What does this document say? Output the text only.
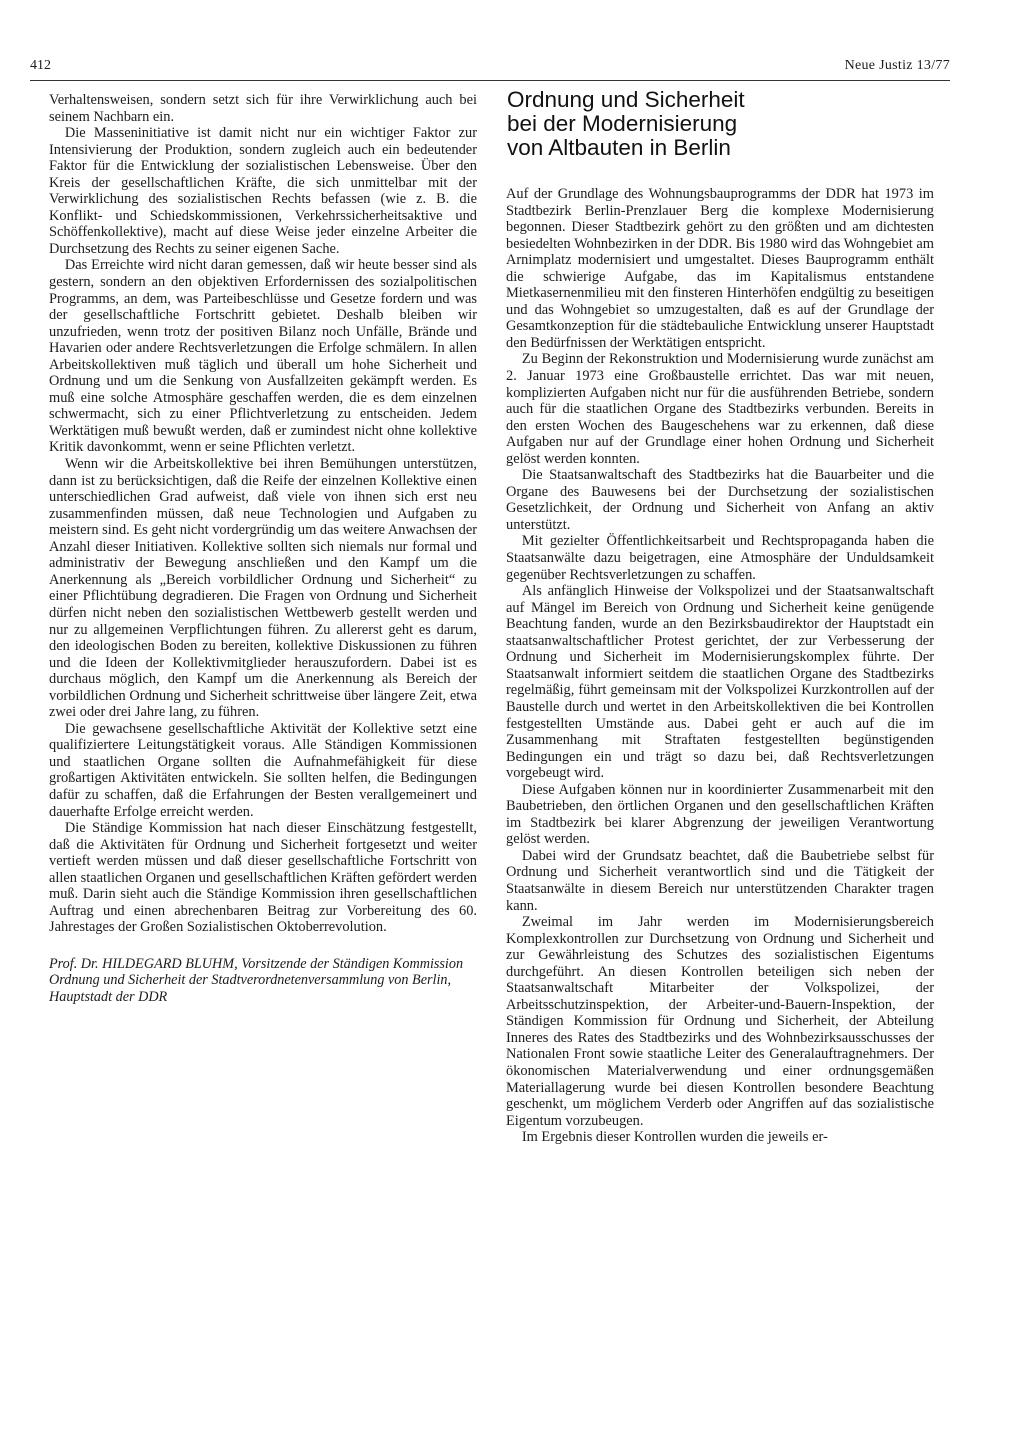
412	Neue Justiz 13/77

Verhaltensweisen, sondern setzt sich für ihre Verwirklichung auch bei seinem Nachbarn ein.

Die Masseninitiative ist damit nicht nur ein wichtiger Faktor zur Intensivierung der Produktion, sondern zugleich auch ein bedeutender Faktor für die Entwicklung der sozialistischen Lebensweise. Über den Kreis der gesellschaftlichen Kräfte, die sich unmittelbar mit der Verwirklichung des sozialistischen Rechts befassen (wie z. B. die Konflikt- und Schiedskommissionen, Verkehrssicherheitsaktive und Schöffenkollektive), macht auf diese Weise jeder einzelne Arbeiter die Durchsetzung des Rechts zu seiner eigenen Sache.

Das Erreichte wird nicht daran gemessen, daß wir heute besser sind als gestern, sondern an den objektiven Erfordernissen des sozialpolitischen Programms, an dem, was Parteibeschlüsse und Gesetze fordern und was der gesellschaftliche Fortschritt gebietet. Deshalb bleiben wir unzufrieden, wenn trotz der positiven Bilanz noch Unfälle, Brände und Havarien oder andere Rechtsverletzungen die Erfolge schmälern. In allen Arbeitskollektiven muß täglich und überall um hohe Sicherheit und Ordnung und um die Senkung von Ausfallzeiten gekämpft werden. Es muß eine solche Atmosphäre geschaffen werden, die es dem einzelnen schwermacht, sich zu einer Pflichtverletzung zu entscheiden. Jedem Werktätigen muß bewußt werden, daß er zumindest nicht ohne kollektive Kritik davonkommt, wenn er seine Pflichten verletzt.

Wenn wir die Arbeitskollektive bei ihren Bemühungen unterstützen, dann ist zu berücksichtigen, daß die Reife der einzelnen Kollektive einen unterschiedlichen Grad aufweist, daß viele von ihnen sich erst neu zusammenfinden müssen, daß neue Technologien und Aufgaben zu meistern sind. Es geht nicht vordergründig um das weitere Anwachsen der Anzahl dieser Initiativen. Kollektive sollten sich niemals nur formal und administrativ der Bewegung anschließen und den Kampf um die Anerkennung als „Bereich vorbildlicher Ordnung und Sicherheit“ zu einer Pflichtübung degradieren. Die Fragen von Ordnung und Sicherheit dürfen nicht neben den sozialistischen Wettbewerb gestellt werden und nur zu allgemeinen Verpflichtungen führen. Zu allererst geht es darum, den ideologischen Boden zu bereiten, kollektive Diskussionen zu führen und die Ideen der Kollektivmitglieder herauszufordern. Dabei ist es durchaus möglich, den Kampf um die Anerkennung als Bereich der vorbildlichen Ordnung und Sicherheit schrittweise über längere Zeit, etwa zwei oder drei Jahre lang, zu führen.

Die gewachsene gesellschaftliche Aktivität der Kollektive setzt eine qualifiziertere Leitungstätigkeit voraus. Alle Ständigen Kommissionen und staatlichen Organe sollten die Aufnahmefähigkeit für diese großartigen Aktivitäten entwickeln. Sie sollten helfen, die Bedingungen dafür zu schaffen, daß die Erfahrungen der Besten verallgemeinert und dauerhafte Erfolge erreicht werden.

Die Ständige Kommission hat nach dieser Einschätzung festgestellt, daß die Aktivitäten für Ordnung und Sicherheit fortgesetzt und weiter vertieft werden müssen und daß dieser gesellschaftliche Fortschritt von allen staatlichen Organen und gesellschaftlichen Kräften gefördert werden muß. Darin sieht auch die Ständige Kommission ihren gesellschaftlichen Auftrag und einen abrechenbaren Beitrag zur Vorbereitung des 60. Jahrestages der Großen Sozialistischen Oktoberrevolution.

Prof. Dr. HILDEGARD BLUHM, Vorsitzende der Ständigen Kommission Ordnung und Sicherheit der Stadtverordnetenversammlung von Berlin, Hauptstadt der DDR
Ordnung und Sicherheit
bei der Modernisierung
von Altbauten in Berlin

Auf der Grundlage des Wohnungsbauprogramms der DDR hat 1973 im Stadtbezirk Berlin-Prenzlauer Berg die komplexe Modernisierung begonnen. Dieser Stadtbezirk gehört zu den größten und am dichtesten besiedelten Wohnbezirken in der DDR. Bis 1980 wird das Wohngebiet am Arnimplatz modernisiert und umgestaltet. Dieses Bauprogramm enthält die schwierige Aufgabe, das im Kapitalismus entstandene Mietkasernenmilieu mit den finsteren Hinterhöfen endgültig zu beseitigen und das Wohngebiet so umzugestalten, daß es auf der Grundlage der Gesamtkonzeption für die städtebauliche Entwicklung unserer Hauptstadt den Bedürfnissen der Werktätigen entspricht.

Zu Beginn der Rekonstruktion und Modernisierung wurde zunächst am 2. Januar 1973 eine Großbaustelle errichtet. Das war mit neuen, komplizierten Aufgaben nicht nur für die ausführenden Betriebe, sondern auch für die staatlichen Organe des Stadtbezirks verbunden. Bereits in den ersten Wochen des Baugeschehens war zu erkennen, daß diese Aufgaben nur auf der Grundlage einer hohen Ordnung und Sicherheit gelöst werden konnten.

Die Staatsanwaltschaft des Stadtbezirks hat die Bauarbeiter und die Organe des Bauwesens bei der Durchsetzung der sozialistischen Gesetzlichkeit, der Ordnung und Sicherheit von Anfang an aktiv unterstützt.

Mit gezielter Öffentlichkeitsarbeit und Rechtspropaganda haben die Staatsanwälte dazu beigetragen, eine Atmosphäre der Unduldsamkeit gegenüber Rechtsverletzungen zu schaffen.

Als anfänglich Hinweise der Volkspolizei und der Staatsanwaltschaft auf Mängel im Bereich von Ordnung und Sicherheit keine genügende Beachtung fanden, wurde an den Bezirksbaudirektor der Hauptstadt ein staatsanwaltschaftlicher Protest gerichtet, der zur Verbesserung der Ordnung und Sicherheit im Modernisierungskomplex führte. Der Staatsanwalt informiert seitdem die staatlichen Organe des Stadtbezirks regelmäßig, führt gemeinsam mit der Volkspolizei Kurzkontrollen auf der Baustelle durch und wertet in den Arbeitskollektiven die bei Kontrollen festgestellten Umstände aus. Dabei geht er auch auf die im Zusammenhang mit Straftaten festgestellten begünstigenden Bedingungen ein und trägt so dazu bei, daß Rechtsverletzungen vorgebeugt wird.

Diese Aufgaben können nur in koordinierter Zusammenarbeit mit den Baubetrieben, den örtlichen Organen und den gesellschaftlichen Kräften im Stadtbezirk bei klarer Abgrenzung der jeweiligen Verantwortung gelöst werden.

Dabei wird der Grundsatz beachtet, daß die Baubetriebe selbst für Ordnung und Sicherheit verantwortlich sind und die Tätigkeit der Staatsanwälte in diesem Bereich nur unterstützenden Charakter tragen kann.

Zweimal im Jahr werden im Modernisierungsbereich Komplexkontrollen zur Durchsetzung von Ordnung und Sicherheit und zur Gewährleistung des Schutzes des sozialistischen Eigentums durchgeführt. An diesen Kontrollen beteiligen sich neben der Staatsanwaltschaft Mitarbeiter der Volkspolizei, der Arbeitsschutzinspektion, der Arbeiter-und-Bauern-Inspektion, der Ständigen Kommission für Ordnung und Sicherheit, der Abteilung Inneres des Rates des Stadtbezirks und des Wohnbezirksausschusses der Nationalen Front sowie staatliche Leiter des Generalauftragnehmers. Der ökonomischen Materialverwendung und einer ordnungsgemäßen Materiallagerung wurde bei diesen Kontrollen besondere Beachtung geschenkt, um möglichem Verderb oder Angriffen auf das sozialistische Eigentum vorzubeugen.

Im Ergebnis dieser Kontrollen wurden die jeweils er-
